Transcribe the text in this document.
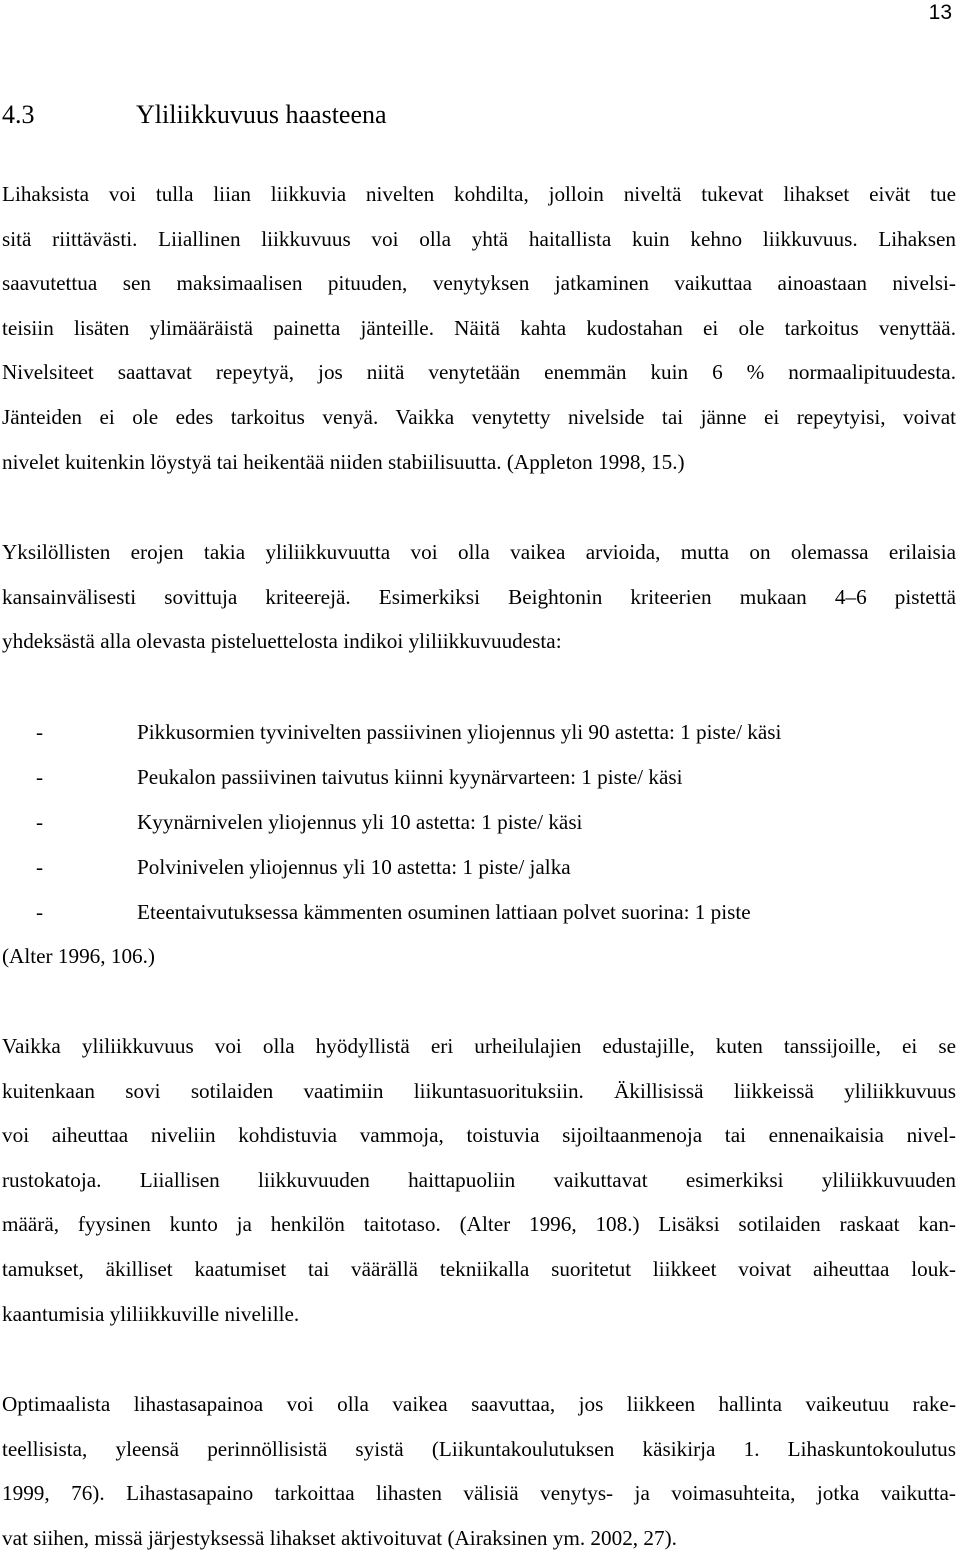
13
4.3	Yliliikkuvuus haasteena

Lihaksista voi tulla liian liikkuvia nivelten kohdilta, jolloin niveltä tukevat lihakset eivät tue
sitä riittävästi. Liiallinen liikkuvuus voi olla yhtä haitallista kuin kehno liikkuvuus. Lihaksen
saavutettua sen maksimaalisen pituuden, venytyksen jatkaminen vaikuttaa ainoastaan nivelsi-
teisiin lisäten ylimääräistä painetta jänteille. Näitä kahta kudostahan ei ole tarkoitus venyttää.
Nivelsiteet saattavat repeytyä, jos niitä venytetään enemmän kuin 6 % normaalipituudesta.
Jänteiden ei ole edes tarkoitus venyä. Vaikka venytetty nivelside tai jänne ei repeytyisi, voivat
nivelet kuitenkin löystyä tai heikentää niiden stabiilisuutta. (Appleton 1998, 15.)

Yksilöllisten erojen takia yliliikkuvuutta voi olla vaikea arvioida, mutta on olemassa erilaisia
kansainvälisesti sovittuja kriteerejä. Esimerkiksi Beightonin kriteerien mukaan 4–6 pistettä
yhdeksästä alla olevasta pisteluettelosta indikoi yliliikkuvuudesta:

-	Pikkusormien tyvinivelten passiivinen yliojennus yli 90 astetta: 1 piste/ käsi
-	Peukalon passiivinen taivutus kiinni kyynärvarteen: 1 piste/ käsi
-	Kyynärnivelen yliojennus yli 10 astetta: 1 piste/ käsi
-	Polvinivelen yliojennus yli 10 astetta: 1 piste/ jalka
-	Eteentaivutuksessa kämmenten osuminen lattiaan polvet suorina: 1 piste
(Alter 1996, 106.)

Vaikka yliliikkuvuus voi olla hyödyllistä eri urheilulajien edustajille, kuten tanssijoille, ei se
kuitenkaan sovi sotilaiden vaatimiin liikuntasuorituksiin. Äkillisissä liikkeissä yliliikkuvuus
voi aiheuttaa niveliin kohdistuvia vammoja, toistuvia sijoiltaanmenoja tai ennenaikaisia nivel-
rustokatoja. Liiallisen liikkuvuuden haittapuoliin vaikuttavat esimerkiksi yliliikkuvuuden
määrä, fyysinen kunto ja henkilön taitotaso. (Alter 1996, 108.) Lisäksi sotilaiden raskaat kan-
tamukset, äkilliset kaatumiset tai väärällä tekniikalla suoritetut liikkeet voivat aiheuttaa louk-
kaantumisia yliliikkuville nivelille.

Optimaalista lihastasapainoa voi olla vaikea saavuttaa, jos liikkeen hallinta vaikeutuu rake-
teellisista, yleensä perinnöllisistä syistä (Liikuntakoulutuksen käsikirja 1. Lihaskuntokoulutus
1999, 76). Lihastasapaino tarkoittaa lihasten välisiä venytys- ja voimasuhteita, jotka vaikutta-
vat siihen, missä järjestyksessä lihakset aktivoituvat (Airaksinen ym. 2002, 27).
